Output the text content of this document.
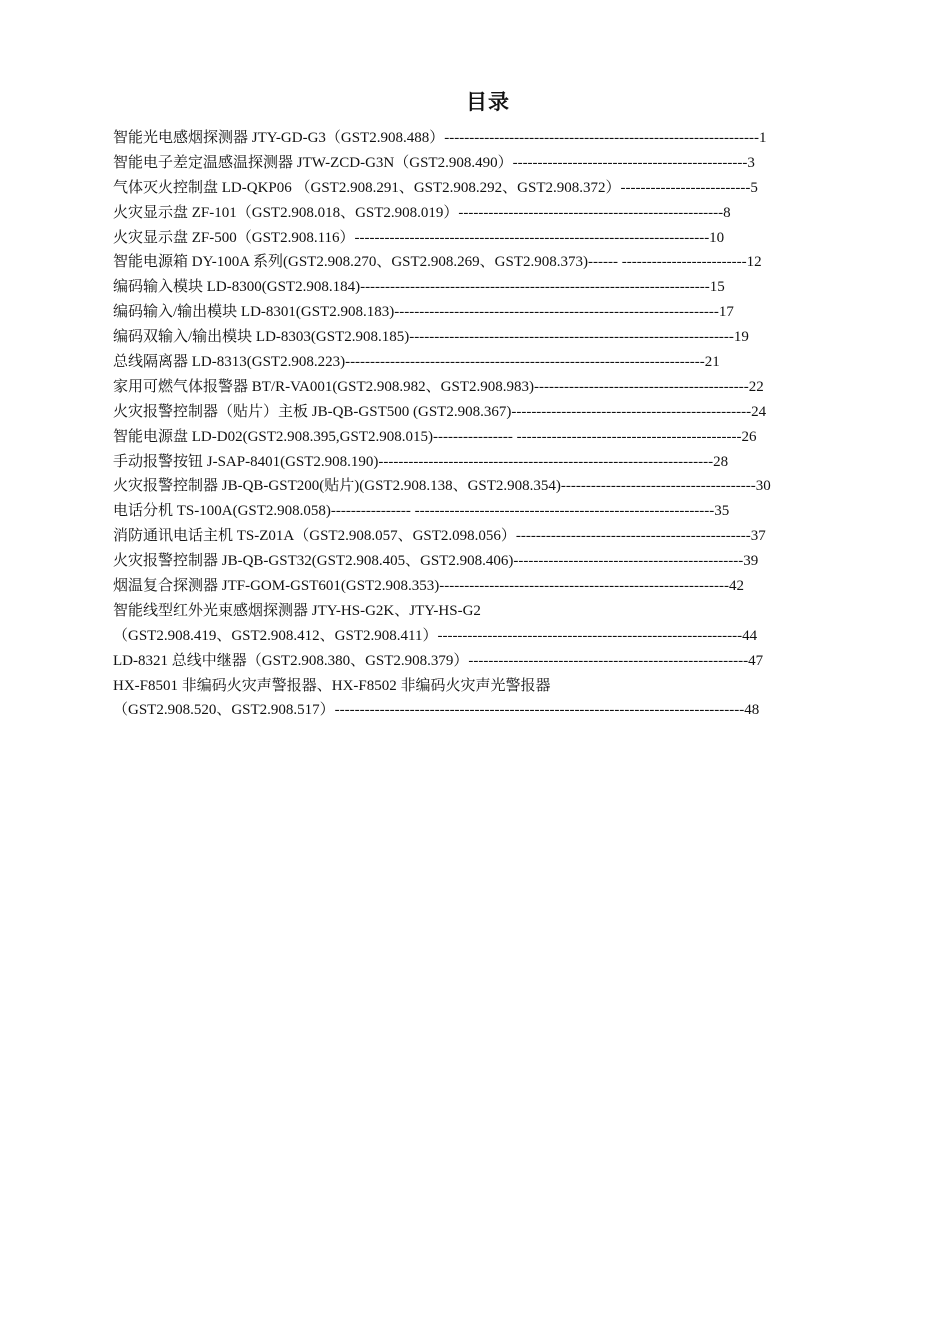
目录
智能光电感烟探测器 JTY-GD-G3（GST2.908.488）---------------------------------------------------------------1
智能电子差定温感温探测器 JTW-ZCD-G3N（GST2.908.490）-----------------------------------------------3
气体灭火控制盘 LD-QKP06 （GST2.908.291、GST2.908.292、GST2.908.372）--------------------------5
火灾显示盘 ZF-101（GST2.908.018、GST2.908.019）-----------------------------------------------------8
火灾显示盘 ZF-500（GST2.908.116）-----------------------------------------------------------------------10
智能电源箱 DY-100A 系列(GST2.908.270、GST2.908.269、GST2.908.373)------ -------------------------12
编码输入模块 LD-8300(GST2.908.184)----------------------------------------------------------------------15
编码输入/输出模块 LD-8301(GST2.908.183)-----------------------------------------------------------------17
编码双输入/输出模块 LD-8303(GST2.908.185)-----------------------------------------------------------------19
总线隔离器 LD-8313(GST2.908.223)------------------------------------------------------------------------21
家用可燃气体报警器 BT/R-VA001(GST2.908.982、GST2.908.983)-------------------------------------------22
火灾报警控制器（贴片）主板 JB-QB-GST500 (GST2.908.367)------------------------------------------------24
智能电源盘 LD-D02(GST2.908.395,GST2.908.015)---------------- ---------------------------------------------26
手动报警按钮 J-SAP-8401(GST2.908.190)-------------------------------------------------------------------28
火灾报警控制器 JB-QB-GST200(贴片)(GST2.908.138、GST2.908.354)---------------------------------------30
电话分机 TS-100A(GST2.908.058)---------------- ------------------------------------------------------------35
消防通讯电话主机 TS-Z01A（GST2.908.057、GST2.098.056）-----------------------------------------------37
火灾报警控制器 JB-QB-GST32(GST2.908.405、GST2.908.406)----------------------------------------------39
烟温复合探测器 JTF-GOM-GST601(GST2.908.353)----------------------------------------------------------42
智能线型红外光束感烟探测器 JTY-HS-G2K、JTY-HS-G2
（GST2.908.419、GST2.908.412、GST2.908.411）-------------------------------------------------------------44
LD-8321 总线中继器（GST2.908.380、GST2.908.379）--------------------------------------------------------47
HX-F8501 非编码火灾声警报器、HX-F8502 非编码火灾声光警报器
（GST2.908.520、GST2.908.517）----------------------------------------------------------------------------------48
